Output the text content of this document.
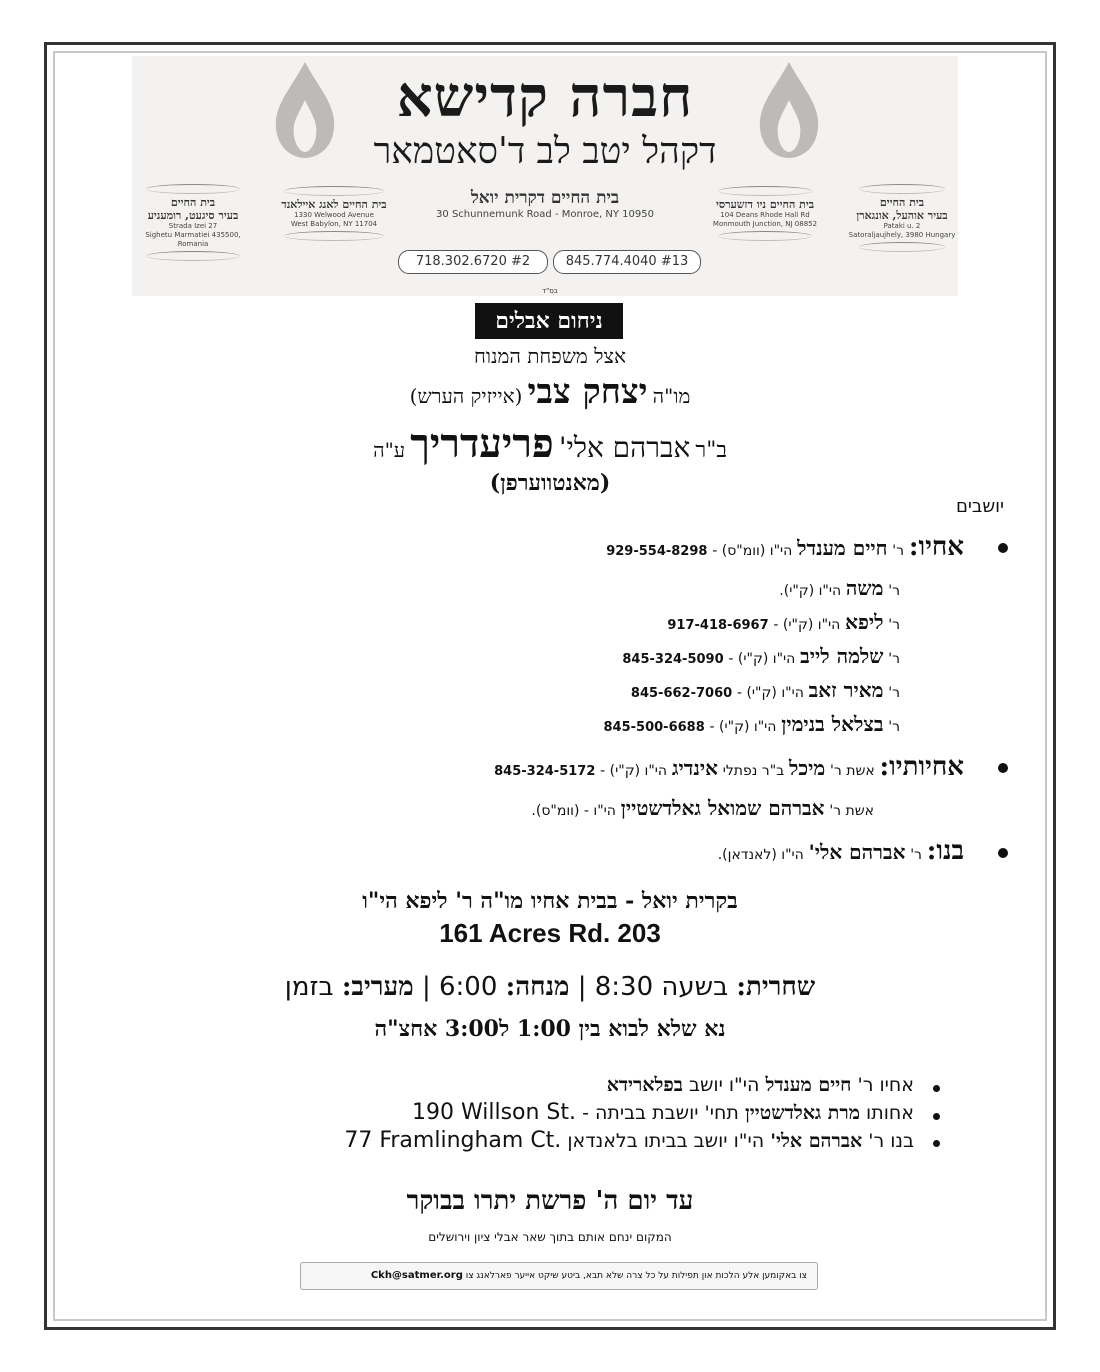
חברה קדישא
דקהל יטב לב ד'סאטמאר
בית החיים דקרית יואל
30 Schunnemunk Road - Monroe, NY 10950
בית החיים לאנג איילאנד
1330 Welwood Avenue
West Babylon, NY 11704
בית החיים ניו דזשערסי
104 Deans Rhode Hall Rd
Monmouth Junction, NJ 08852
בית החיים
בעיר סיגעט, רומעניע
Strada Izei 27
Sighetu Marmatiei 435500, Romania
בית החיים
בעיר אוהעל, אונגארן
Pataki u. 2
Satoraljaujhely, 3980 Hungary
718.302.6720 #2	845.774.4040 #13
בס"ד
ניחום אבלים
אצל משפחת המנוח
מו"ה יצחק צבי (אייזיק הערש)
ב"ר אברהם אלי' פריעדריך ע"ה
(מאנטווערפן)
יושבים
אחיו: ר' חיים מענדל הי"ו (וומ"ס) - 929-554-8298
ר' משה הי"ו (ק"י).
ר' ליפא הי"ו (ק"י) - 917-418-6967
ר' שלמה לייב הי"ו (ק"י) - 845-324-5090
ר' מאיר זאב הי"ו (ק"י) - 845-662-7060
ר' בצלאל בנימין הי"ו (ק"י) - 845-500-6688
אחיותיו: אשת ר' מיכל ב"ר נפתלי אינדיג הי"ו (ק"י) - 845-324-5172
אשת ר' אברהם שמואל גאלדשטיין הי"ו - (וומ"ס).
בנו: ר' אברהם אלי' הי"ו (לאנדאן).
בקרית יואל - בבית אחיו מו"ה ר' ליפא הי"ו
161 Acres Rd. 203
שחרית: בשעה 8:30 | מנחה: 6:00 | מעריב: בזמן
נא שלא לבוא בין 1:00 ל3:00 אחצ"ה
אחיו ר' חיים מענדל הי"ו יושב בפלארידא
אחותו מרת גאלדשטיין תחי' יושבת בביתה - 190 Willson St.
בנו ר' אברהם אלי' הי"ו יושב בביתו בלאנדאן 77 Framlingham Ct.
עד יום ה' פרשת יתרו בבוקר
המקום ינחם אותם בתוך שאר אבלי ציון וירושלים
צו באקומען אלע הלכות און תפילות על כל צרה שלא תבא, ביטע שיקט אייער פארלאנג צו Ckh@satmer.org
